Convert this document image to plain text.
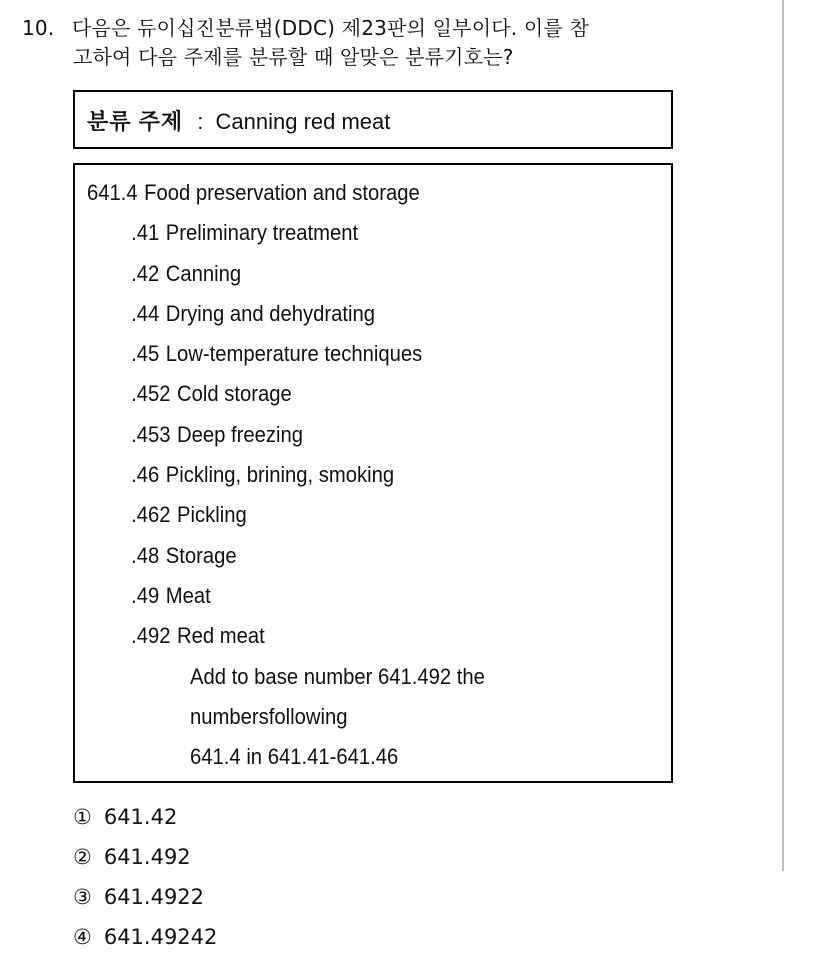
10. 다음은 듀이십진분류법(DDC) 제23판의 일부이다. 이를 참
고하여 다음 주제를 분류할 때 알맞은 분류기호는?
분류 주제 : Canning red meat
641.4 Food preservation and storage
.41 Preliminary treatment
.42 Canning
.44 Drying and dehydrating
.45 Low-temperature techniques
.452 Cold storage
.453 Deep freezing
.46 Pickling, brining, smoking
.462 Pickling
.48 Storage
.49 Meat
.492 Red meat
Add to base number 641.492 the
numbersfollowing
641.4 in 641.41-641.46
① 641.42② 641.492 ③ 641.4922④ 641.49242
